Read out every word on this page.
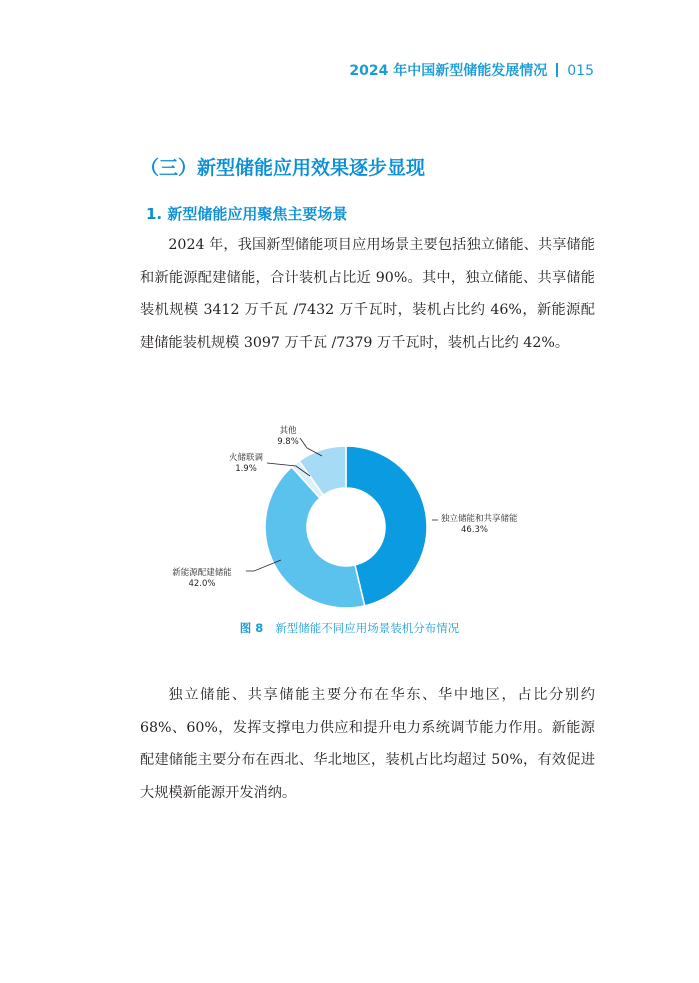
2024 年中国新型储能发展情况 015
（三）新型储能应用效果逐步显现
1. 新型储能应用聚焦主要场景

2024 年，我国新型储能项目应用场景主要包括独立储能、共享储能和新能源配建储能，合计装机占比近 90%。其中，独立储能、共享储能装机规模 3412 万千瓦 /7432 万千瓦时，装机占比约 46%，新能源配建储能装机规模 3097 万千瓦 /7379 万千瓦时，装机占比约 42%。

独立储能和共享储能
46.3%
新能源配建储能
42.0%
火储联调
1.9%
其他
9.8%

图 8 新型储能不同应用场景装机分布情况

独立储能、共享储能主要分布在华东、华中地区，占比分别约 68%、60%，发挥支撑电力供应和提升电力系统调节能力作用。新能源配建储能主要分布在西北、华北地区，装机占比均超过 50%，有效促进大规模新能源开发消纳。
